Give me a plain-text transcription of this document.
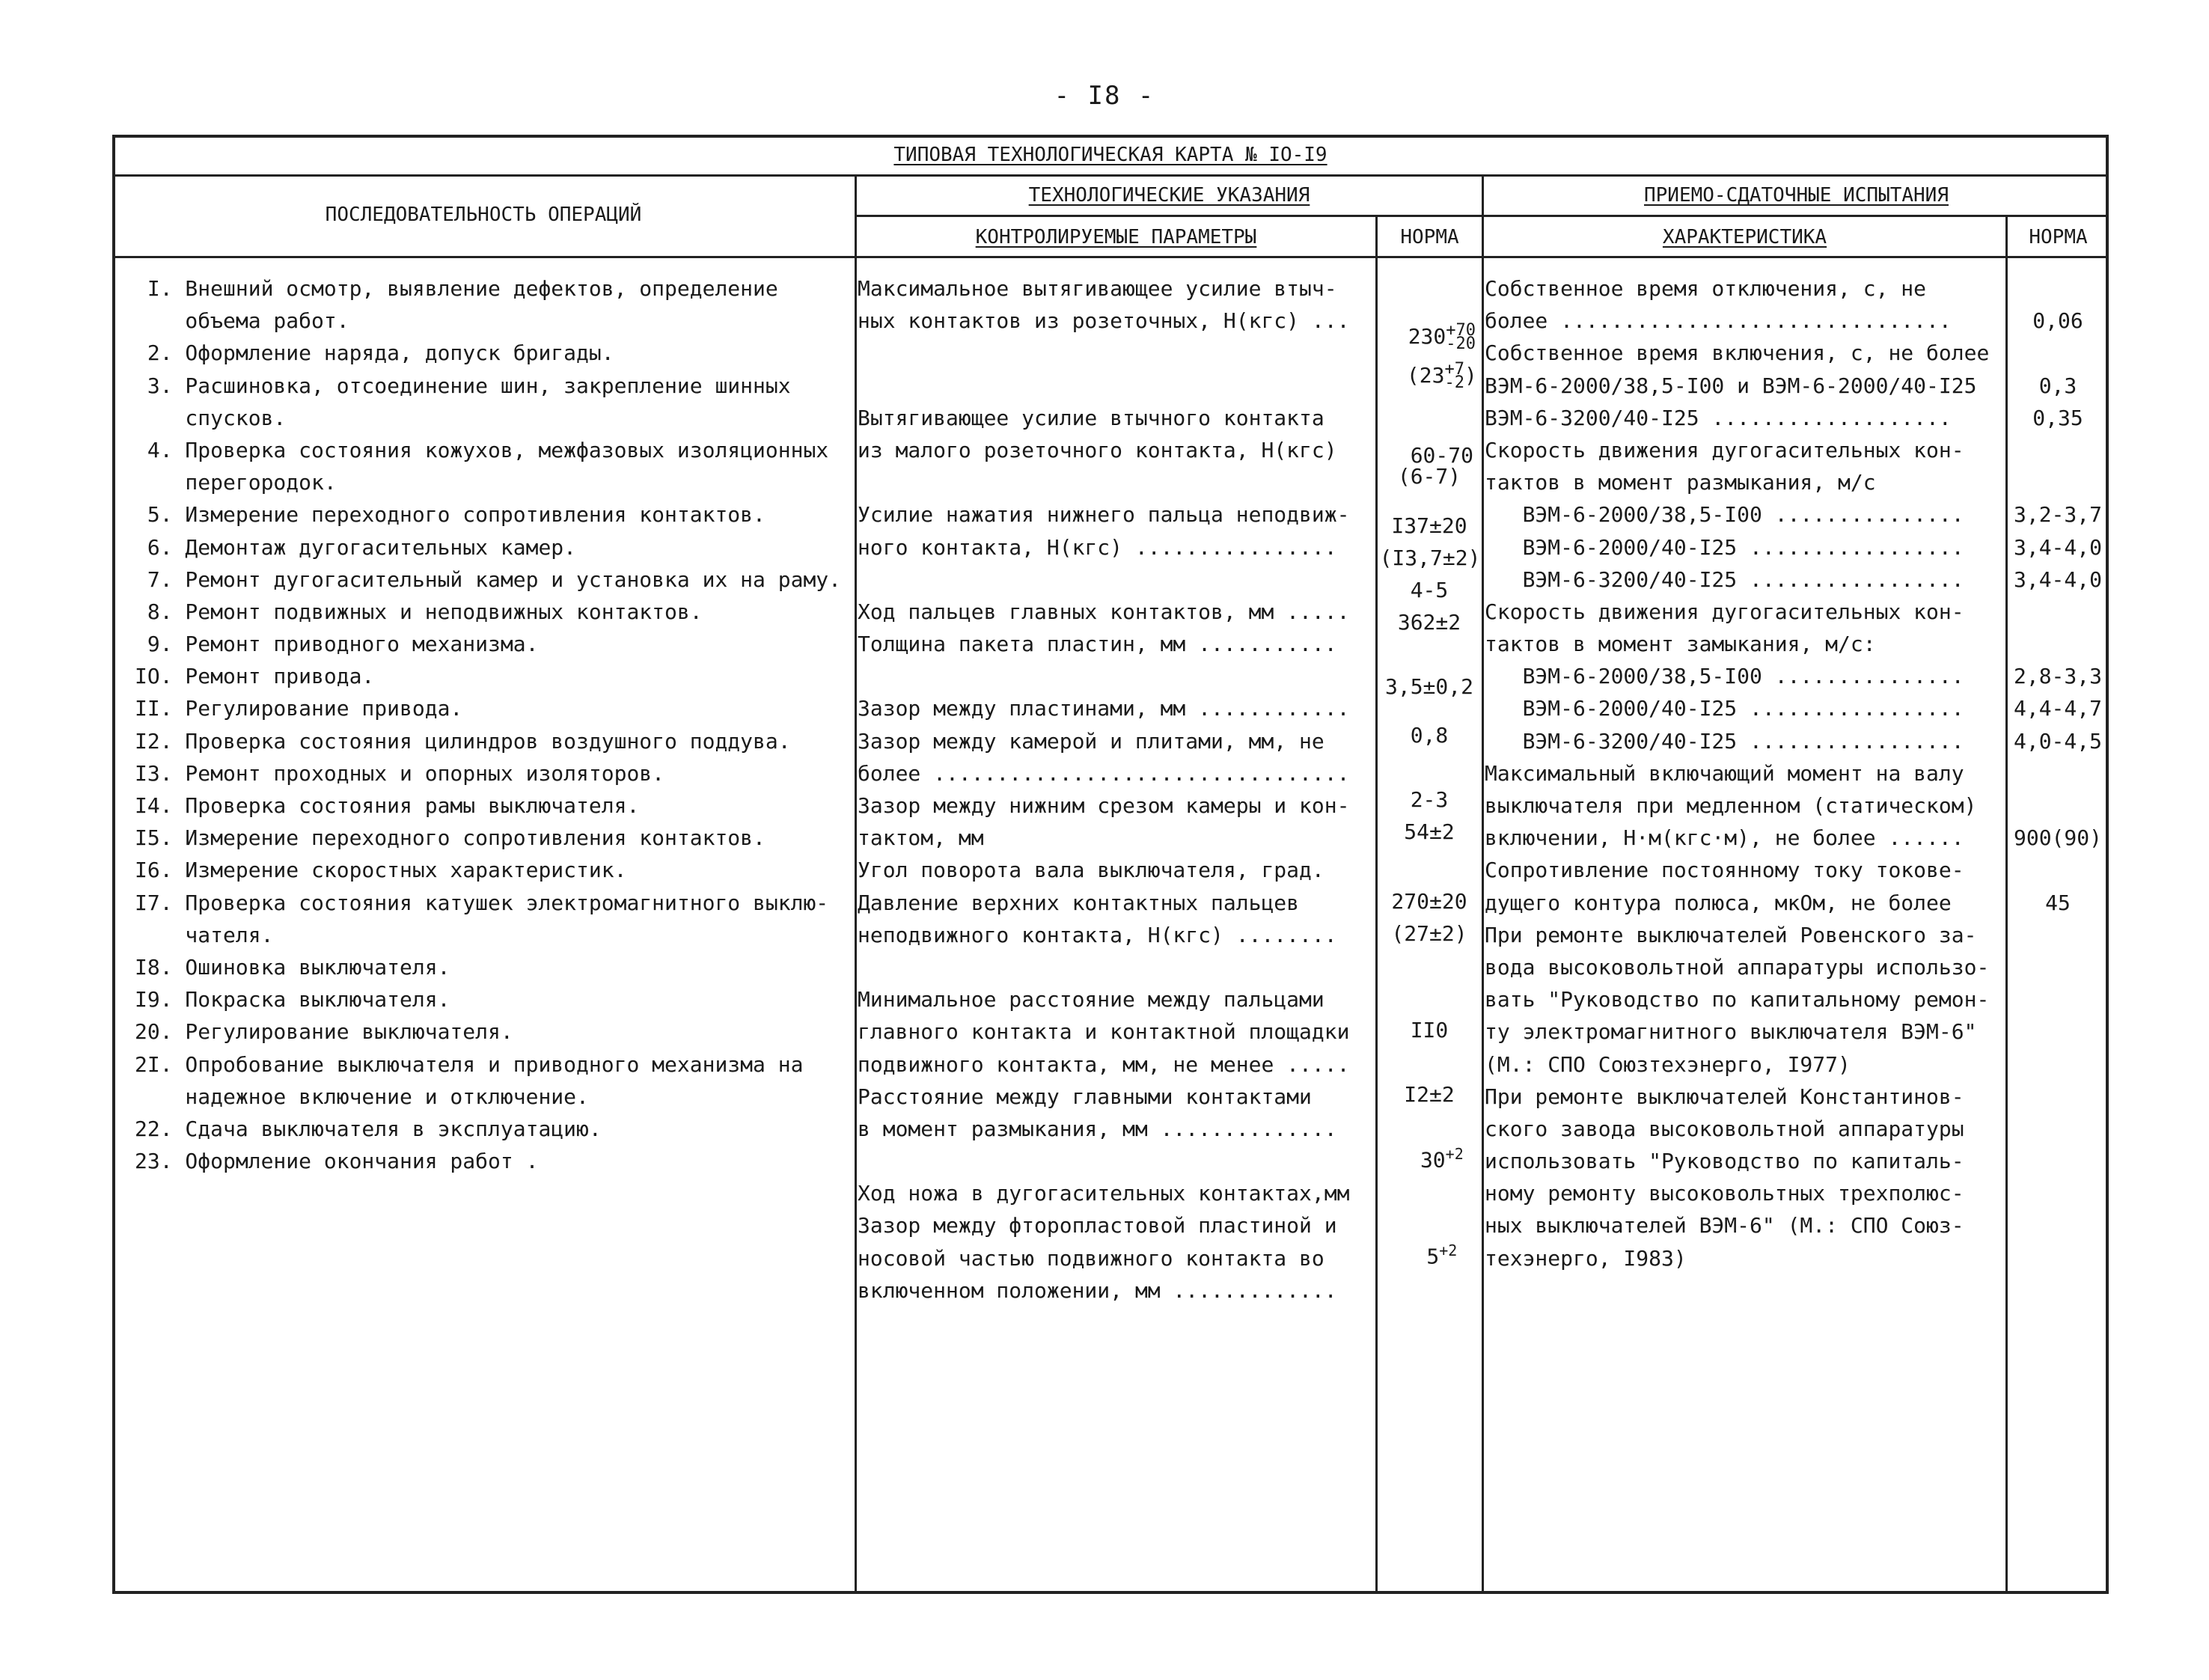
- I8 -
ТИПОВАЯ ТЕХНОЛОГИЧЕСКАЯ КАРТА № IO-I9
ПОСЛЕДОВАТЕЛЬНОСТЬ ОПЕРАЦИЙ
ТЕХНОЛОГИЧЕСКИЕ УКАЗАНИЯ
КОНТРОЛИРУЕМЫЕ ПАРАМЕТРЫ	НОРМА
ПРИЕМО-СДАТОЧНЫЕ ИСПЫТАНИЯ
ХАРАКТЕРИСТИКА	НОРМА
I. Внешний осмотр, выявление дефектов, определение
объема работ.
2. Оформление наряда, допуск бригады.
3. Расшиновка, отсоединение шин, закрепление шинных
спусков.
4. Проверка состояния кожухов, межфазовых изоляционных
перегородок.
5. Измерение переходного сопротивления контактов.
6. Демонтаж дугогасительных камер.
7. Ремонт дугогасительный камер и установка их на раму.
8. Ремонт подвижных и неподвижных контактов.
9. Ремонт приводного механизма.
IO. Ремонт привода.
II. Регулирование привода.
I2. Проверка состояния цилиндров воздушного поддува.
I3. Ремонт проходных и опорных изоляторов.
I4. Проверка состояния рамы выключателя.
I5. Измерение переходного сопротивления контактов.
I6. Измерение скоростных характеристик.
I7. Проверка состояния катушек электромагнитного выклю-
чателя.
I8. Ошиновка выключателя.
I9. Покраска выключателя.
20. Регулирование выключателя.
2I. Опробование выключателя и приводного механизма на
надежное включение и отключение.
22. Сдача выключателя в эксплуатацию.
23. Оформление окончания работ .
Максимальное вытягивающее усилие втыч-
ных контактов из розеточных, Н(кгс) ...
Вытягивающее усилие втычного контакта
из малого розеточного контакта, Н(кгс)
Усилие нажатия нижнего пальца неподвиж-
ного контакта, Н(кгс) ................
Ход пальцев главных контактов, мм .....
Толщина пакета пластин, мм ...........
Зазор между пластинами, мм ............
Зазор между камерой и плитами, мм, не
более .................................
Зазор между нижним срезом камеры и кон-
тактом, мм
Угол поворота вала выключателя, град.
Давление верхних контактных пальцев
неподвижного контакта, Н(кгс) ........
Минимальное расстояние между пальцами
главного контакта и контактной площадки
подвижного контакта, мм, не менее .....
Расстояние между главными контактами
в момент размыкания, мм ..............
Ход ножа в дугогасительных контактах,мм
Зазор между фторопластовой пластиной и
носовой частью подвижного контакта во
включенном положении, мм .............
Собственное время отключения, с, не
более ...............................
Собственное время включения, с, не более
ВЭМ-6-2000/38,5-I00 и ВЭМ-6-2000/40-I25
ВЭМ-6-3200/40-I25 ...................
Скорость движения дугогасительных кон-
тактов в момент размыкания, м/с
ВЭМ-6-2000/38,5-I00 ...............
ВЭМ-6-2000/40-I25 .................
ВЭМ-6-3200/40-I25 .................
Скорость движения дугогасительных кон-
тактов в момент замыкания, м/с:
ВЭМ-6-2000/38,5-I00 ...............
ВЭМ-6-2000/40-I25 .................
ВЭМ-6-3200/40-I25 .................
Максимальный включающий момент на валу
выключателя при медленном (статическом)
включении, Н·м(кгс·м), не более ......
Сопротивление постоянному току токове-
дущего контура полюса, мкОм, не более
При ремонте выключателей Ровенского за-
вода высоковольтной аппаратуры использо-
вать "Руководство по капитальному ремон-
ту электромагнитного выключателя ВЭМ-6"
(М.: СПО Союзтехэнерго, I977)
При ремонте выключателей Константинов-
ского завода высоковольтной аппаратуры
использовать "Руководство по капиталь-
ному ремонту высоковольтных трехполюс-
ных выключателей ВЭМ-6" (М.: СПО Союз-
техэнерго, I983)
0,06
0,3
0,35
3,2-3,7
3,4-4,0
3,4-4,0
2,8-3,3
4,4-4,7
4,0-4,5
900(90)
45

230+70
-20

(23+7
-2)

60-70
(6-7)

I37±20
(I3,7±2)
4-5
362±2
3,5±0,2
0,8
2-3
54±2
270±20
(27±2)
II0
I2±2

$30^{+2}$

$5^{+2}$
